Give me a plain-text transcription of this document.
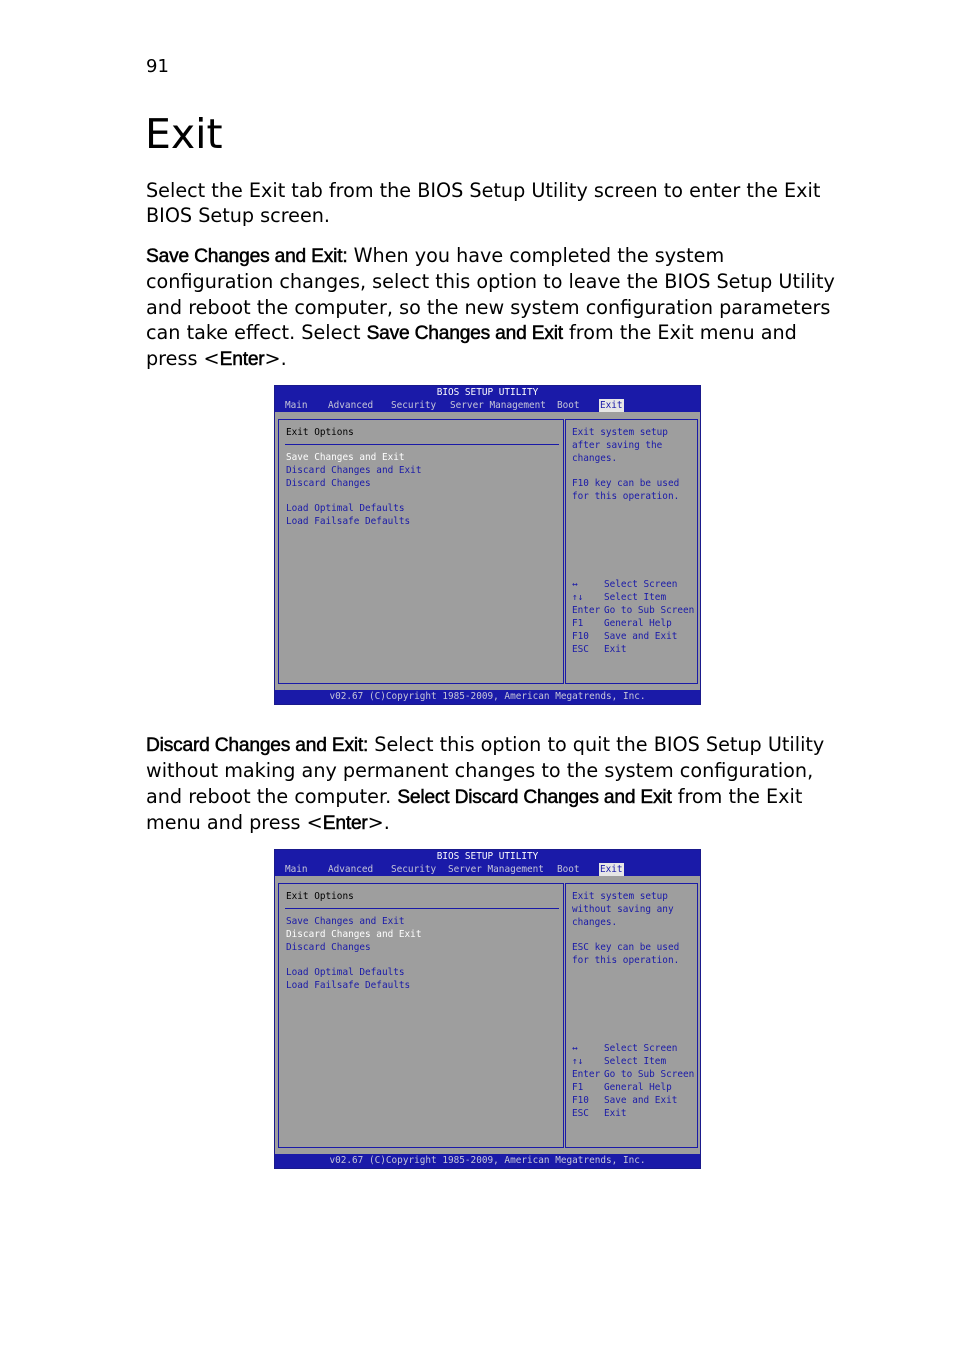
91
Exit

Select the Exit tab from the BIOS Setup Utility screen to enter the Exit BIOS Setup screen.

Save Changes and Exit: When you have completed the system configuration changes, select this option to leave the BIOS Setup Utility and reboot the computer, so the new system configuration parameters can take effect. Select Save Changes and Exit from the Exit menu and press <Enter>.

BIOS SETUP UTILITY
Main Advanced Security Server Management Boot Exit
Exit Options
Save Changes and Exit
Discard Changes and Exit
Discard Changes
Load Optimal Defaults
Load Failsafe Defaults
Exit system setup
after saving the
changes.
F10 key can be used
for this operation.
↔	Select Screen
↑↓ Select Item
Enter Go to Sub Screen
F1 General Help
F10 Save and Exit
ESC Exit
v02.67 (C)Copyright 1985-2009, American Megatrends, Inc.

Discard Changes and Exit: Select this option to quit the BIOS Setup Utility without making any permanent changes to the system configuration, and reboot the computer. Select Discard Changes and Exit from the Exit menu and press <Enter>.

BIOS SETUP UTILITY
Main Advanced Security Server Management Boot Exit
Exit Options
Save Changes and Exit
Discard Changes and Exit
Discard Changes
Load Optimal Defaults
Load Failsafe Defaults
Exit system setup
without saving any
changes.
ESC key can be used
for this operation.
↔	Select Screen
↑↓ Select Item
Enter Go to Sub Screen
F1 General Help
F10 Save and Exit
ESC Exit
v02.67 (C)Copyright 1985-2009, American Megatrends, Inc.
